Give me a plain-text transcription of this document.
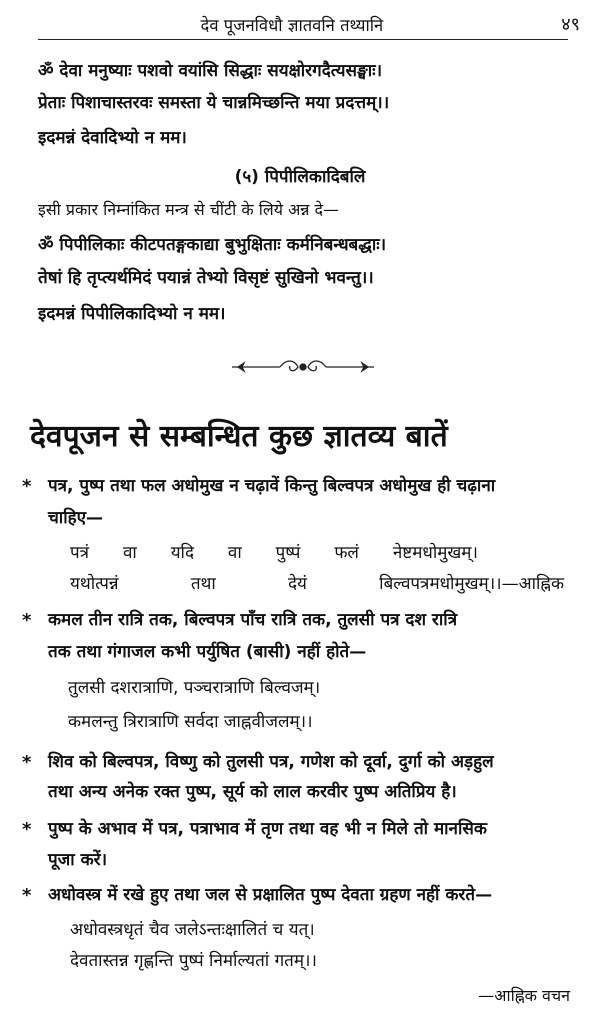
देव पूजनविधौ ज्ञातवनि तथ्यानि	४९
ॐ देवा मनुष्याः पशवो वयांसि सिद्धाः सयक्षोरगदैत्यसङ्घाः।
प्रेताः पिशाचास्तरवः समस्ता ये चान्नमिच्छन्ति मया प्रदत्तम्।।
इदमन्नं देवादिभ्यो न मम।
(५) पिपीलिकादिबलि
इसी प्रकार निम्नांकित मन्त्र से चींटी के लिये अन्न दे—
ॐ पिपीलिकाः कीटपतङ्गकाद्या बुभुक्षिताः कर्मनिबन्धबद्धाः।
तेषां हि तृप्त्यर्थमिदं पयान्नं तेभ्यो विसृष्टं सुखिनो भवन्तु।।
इदमन्नं पिपीलिकादिभ्यो न मम।
देवपूजन से सम्बन्धित कुछ ज्ञातव्य बातें
* पत्र, पुष्प तथा फल अधोमुख न चढ़ावें किन्तु बिल्वपत्र अधोमुख ही चढ़ाना
चाहिए—
पत्रं वा यदि वा पुष्पं फलं नेष्टमधोमुखम्।
यथोत्पन्नं	तथा	देयं	बिल्वपत्रमधोमुखम्।।—आह्निक
* कमल तीन रात्रि तक, बिल्वपत्र पाँच रात्रि तक, तुलसी पत्र दश रात्रि
तक तथा गंगाजल कभी पर्युषित (बासी) नहीं होते—
तुलसी दशरात्राणि, पञ्चरात्राणि बिल्वजम्।
कमलन्तु त्रिरात्राणि सर्वदा जाह्नवीजलम्।।
* शिव को बिल्वपत्र, विष्णु को तुलसी पत्र, गणेश को दूर्वा, दुर्गा को अड़हुल
तथा अन्य अनेक रक्त पुष्प, सूर्य को लाल करवीर पुष्प अतिप्रिय है।
* पुष्प के अभाव में पत्र, पत्राभाव में तृण तथा वह भी न मिले तो मानसिक
पूजा करें।
* अधोवस्त्र में रखे हुए तथा जल से प्रक्षालित पुष्प देवता ग्रहण नहीं करते—
अधोवस्त्रधृतं चैव जलेऽन्तःक्षालितं च यत्।
देवतास्तन्न गृह्णन्ति पुष्पं निर्माल्यतां गतम्।।
—आह्निक वचन
